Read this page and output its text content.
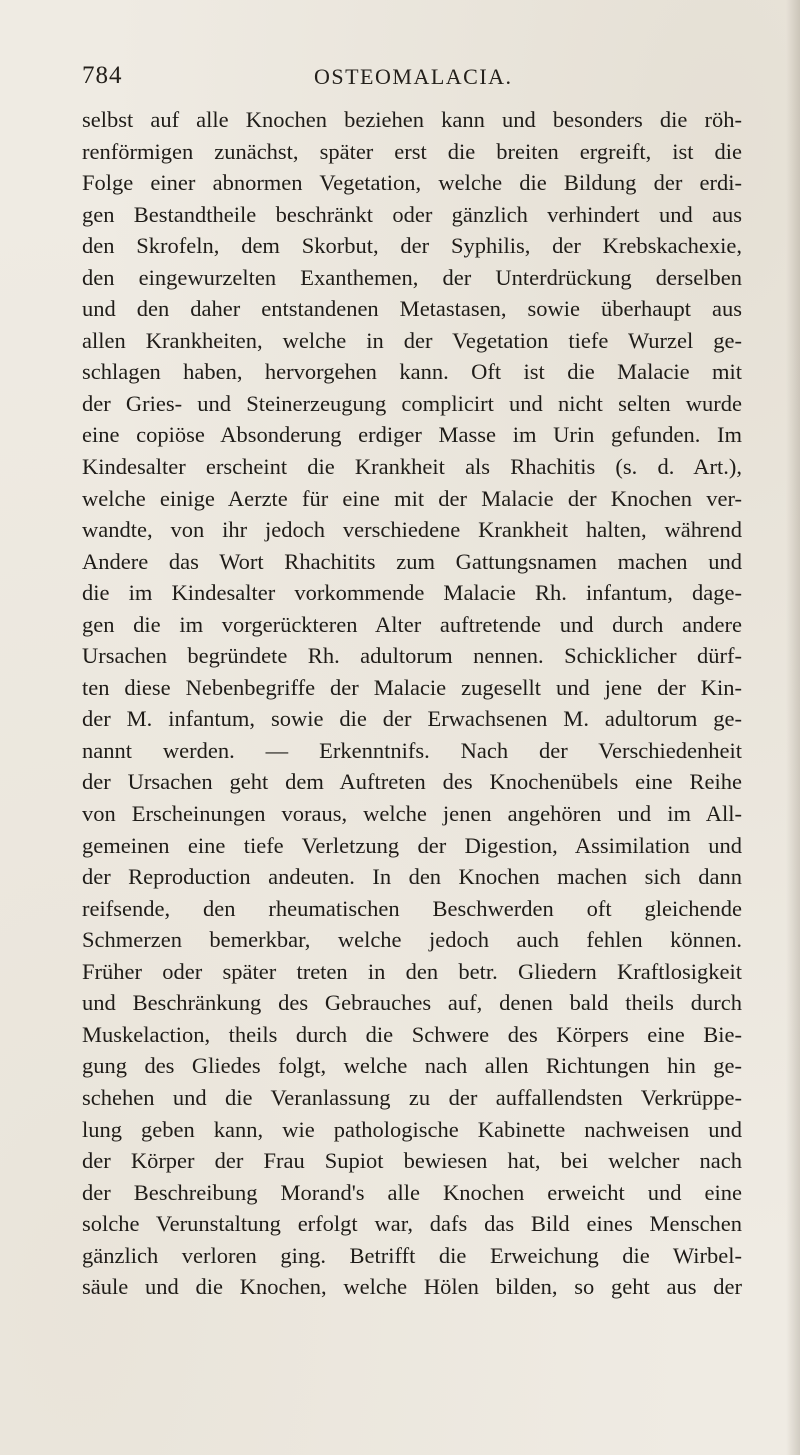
784	OSTEOMALACIA.
selbst auf alle Knochen beziehen kann und besonders die röh-
renförmigen zunächst, später erst die breiten ergreift, ist die
Folge einer abnormen Vegetation, welche die Bildung der erdi-
gen Bestandtheile beschränkt oder gänzlich verhindert und aus
den Skrofeln, dem Skorbut, der Syphilis, der Krebskachexie,
den eingewurzelten Exanthemen, der Unterdrückung derselben
und den daher entstandenen Metastasen, sowie überhaupt aus
allen Krankheiten, welche in der Vegetation tiefe Wurzel ge-
schlagen haben, hervorgehen kann. Oft ist die Malacie mit
der Gries- und Steinerzeugung complicirt und nicht selten wurde
eine copiöse Absonderung erdiger Masse im Urin gefunden. Im
Kindesalter erscheint die Krankheit als Rhachitis (s. d. Art.),
welche einige Aerzte für eine mit der Malacie der Knochen ver-
wandte, von ihr jedoch verschiedene Krankheit halten, während
Andere das Wort Rhachitits zum Gattungsnamen machen und
die im Kindesalter vorkommende Malacie Rh. infantum, dage-
gen die im vorgerückteren Alter auftretende und durch andere
Ursachen begründete Rh. adultorum nennen. Schicklicher dürf-
ten diese Nebenbegriffe der Malacie zugesellt und jene der Kin-
der M. infantum, sowie die der Erwachsenen M. adultorum ge-
nannt werden. — Erkenntnifs. Nach der Verschiedenheit
der Ursachen geht dem Auftreten des Knochenübels eine Reihe
von Erscheinungen voraus, welche jenen angehören und im All-
gemeinen eine tiefe Verletzung der Digestion, Assimilation und
der Reproduction andeuten. In den Knochen machen sich dann
reifsende, den rheumatischen Beschwerden oft gleichende
Schmerzen bemerkbar, welche jedoch auch fehlen können.
Früher oder später treten in den betr. Gliedern Kraftlosigkeit
und Beschränkung des Gebrauches auf, denen bald theils durch
Muskelaction, theils durch die Schwere des Körpers eine Bie-
gung des Gliedes folgt, welche nach allen Richtungen hin ge-
schehen und die Veranlassung zu der auffallendsten Verkrüppe-
lung geben kann, wie pathologische Kabinette nachweisen und
der Körper der Frau Supiot bewiesen hat, bei welcher nach
der Beschreibung Morand's alle Knochen erweicht und eine
solche Verunstaltung erfolgt war, dafs das Bild eines Menschen
gänzlich verloren ging. Betrifft die Erweichung die Wirbel-
säule und die Knochen, welche Hölen bilden, so geht aus der
